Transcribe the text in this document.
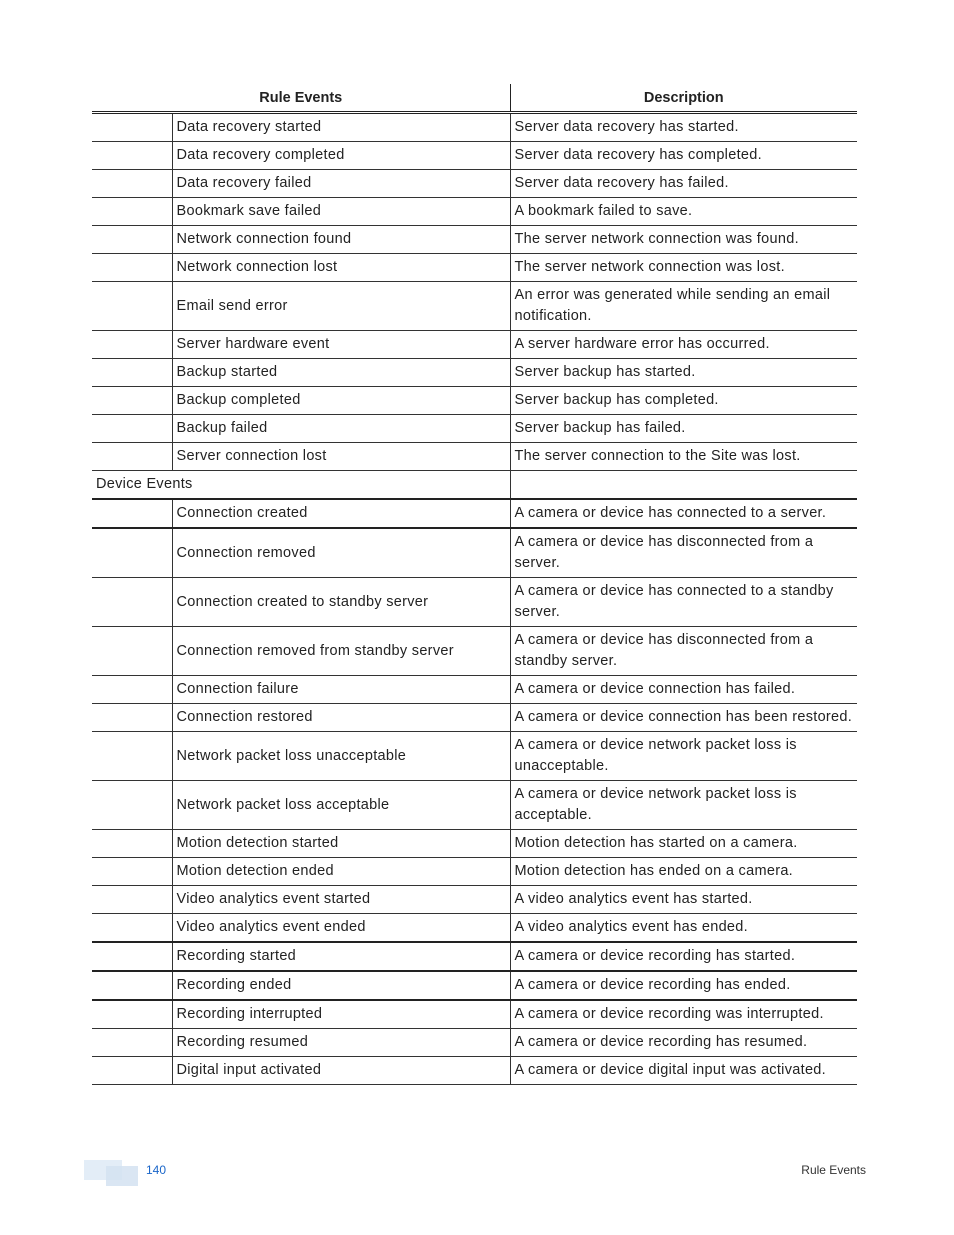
Rule Events		Description
	Data recovery started	Server data recovery has started.
	Data recovery completed	Server data recovery has completed.
	Data recovery failed	Server data recovery has failed.
	Bookmark save failed	A bookmark failed to save.
	Network connection found	The server network connection was found.
	Network connection lost	The server network connection was lost.
	Email send error	An error was generated while sending an email notification.
	Server hardware event	A server hardware error has occurred.
	Backup started	Server backup has started.
	Backup completed	Server backup has completed.
	Backup failed	Server backup has failed.
	Server connection lost	The server connection to the Site was lost.
Device Events		
	Connection created	A camera or device has connected to a server.
	Connection removed	A camera or device has disconnected from a server.
	Connection created to standby server	A camera or device has connected to a standby server.
	Connection removed from standby server	A camera or device has disconnected from a standby server.
	Connection failure	A camera or device connection has failed.
	Connection restored	A camera or device connection has been restored.
	Network packet loss unacceptable	A camera or device network packet loss is unacceptable.
	Network packet loss acceptable	A camera or device network packet loss is acceptable.
	Motion detection started	Motion detection has started on a camera.
	Motion detection ended	Motion detection has ended on a camera.
	Video analytics event started	A video analytics event has started.
	Video analytics event ended	A video analytics event has ended.
	Recording started	A camera or device recording has started.
	Recording ended	A camera or device recording has ended.
	Recording interrupted	A camera or device recording was interrupted.
	Recording resumed	A camera or device recording has resumed.
	Digital input activated	A camera or device digital input was activated.
140	Rule Events
